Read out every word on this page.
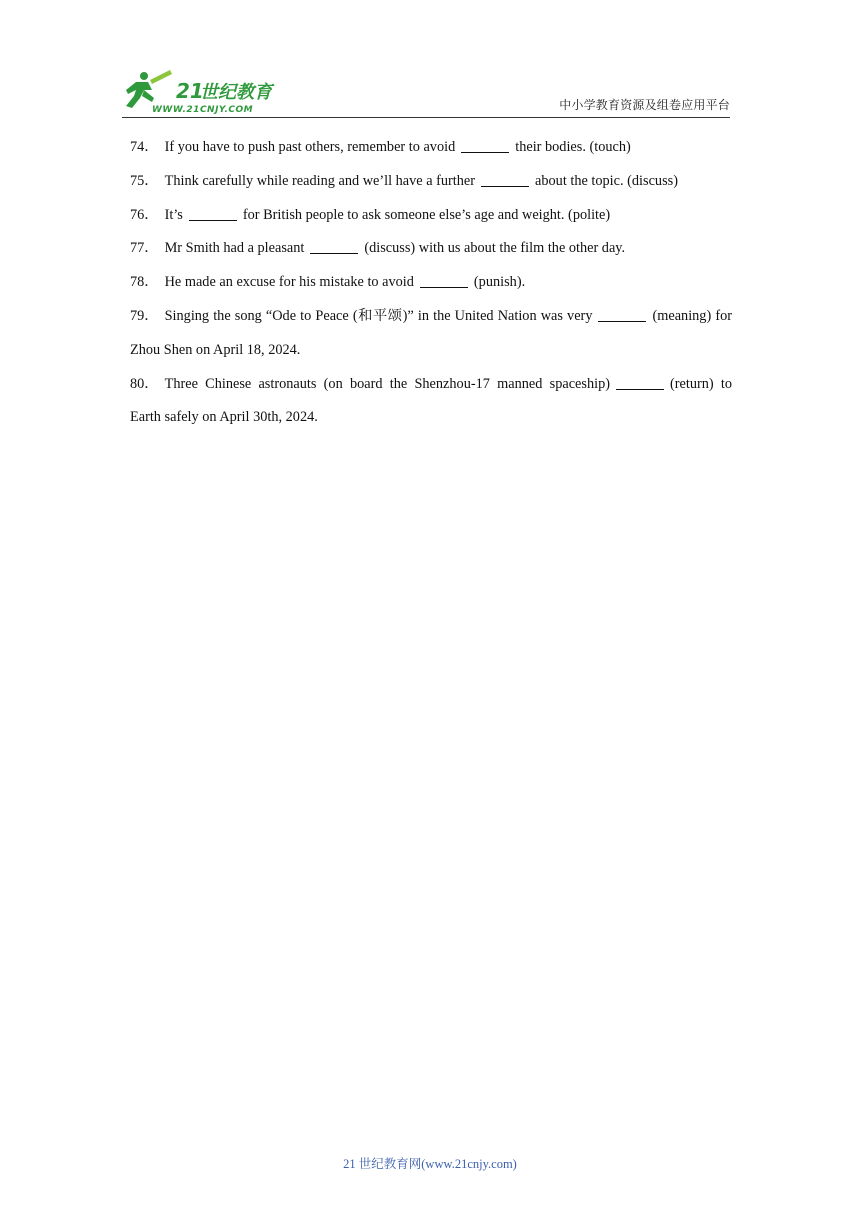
21
世纪教育
WWW.21CNJY.COM	中小学教育资源及组卷应用平台

74． If you have to push past others, remember to avoid	their bodies. (touch)

75． Think carefully while reading and we’ll have a further	about the topic. (discuss)

76． It’s	for British people to ask someone else’s age and weight. (polite)

77． Mr Smith had a pleasant	(discuss) with us about the film the other day.

78． He made an excuse for his mistake to avoid	(punish).

79． Singing the song “Ode to Peace (和平颂)” in the United Nation was very	(meaning) for Zhou Shen on April 18, 2024.

80． Three Chinese astronauts (on board the Shenzhou-17 manned spaceship)	(return) to Earth safely on April 30th, 2024.

21 世纪教育网(www.21cnjy.com)
